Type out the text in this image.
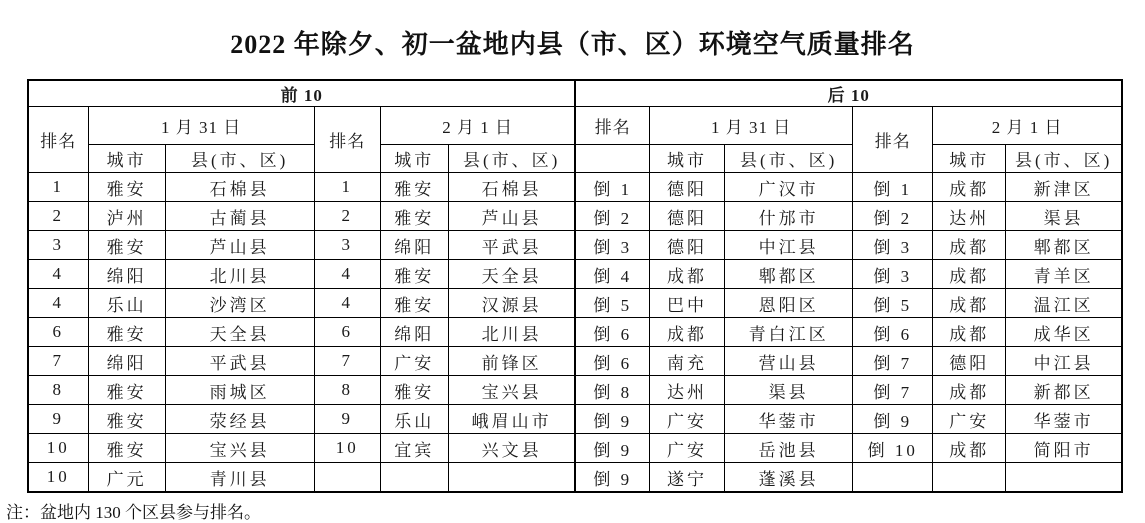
2022 年除夕、初一盆地内县（市、区）环境空气质量排名
前 10						后 10					
排名	1 月 31 日		排名	2 月 1 日		排名	1 月 31 日		排名	2 月 1 日	
	城市	县(市、区)		城市	县(市、区)		城市	县(市、区)		城市	县(市、区)
1	雅安	石棉县	1	雅安	石棉县	倒 1	德阳	广汉市	倒 1	成都	新津区
2	泸州	古蔺县	2	雅安	芦山县	倒 2	德阳	什邡市	倒 2	达州	渠县
3	雅安	芦山县	3	绵阳	平武县	倒 3	德阳	中江县	倒 3	成都	郫都区
4	绵阳	北川县	4	雅安	天全县	倒 4	成都	郫都区	倒 3	成都	青羊区
4	乐山	沙湾区	4	雅安	汉源县	倒 5	巴中	恩阳区	倒 5	成都	温江区
6	雅安	天全县	6	绵阳	北川县	倒 6	成都	青白江区	倒 6	成都	成华区
7	绵阳	平武县	7	广安	前锋区	倒 6	南充	营山县	倒 7	德阳	中江县
8	雅安	雨城区	8	雅安	宝兴县	倒 8	达州	渠县	倒 7	成都	新都区
9	雅安	荥经县	9	乐山	峨眉山市	倒 9	广安	华蓥市	倒 9	广安	华蓥市
10	雅安	宝兴县	10	宜宾	兴文县	倒 9	广安	岳池县	倒 10	成都	简阳市
10	广元	青川县				倒 9	遂宁	蓬溪县			

注：盆地内 130 个区县参与排名。
